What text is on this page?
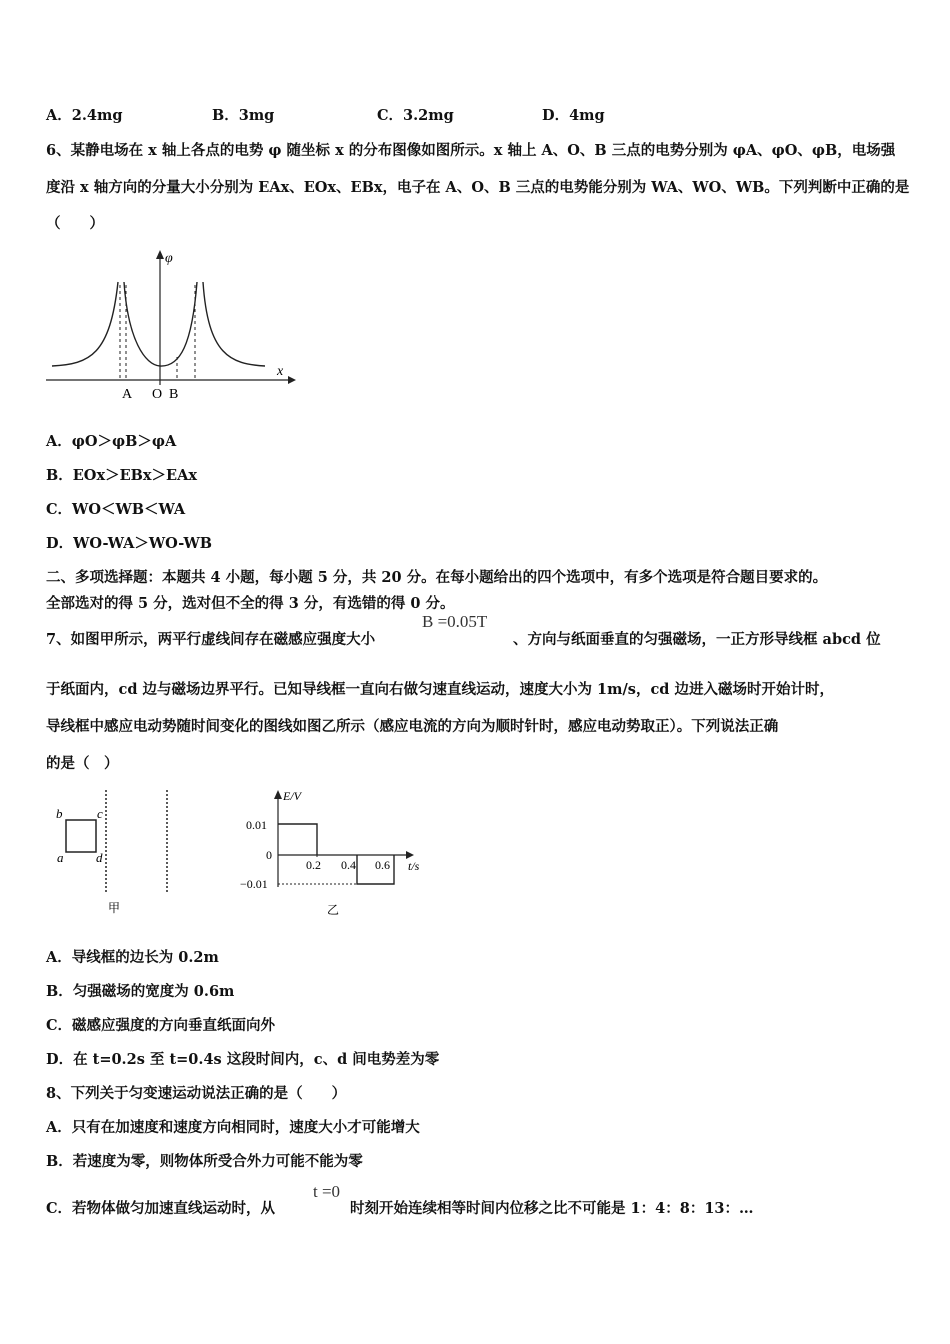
A．2.4mg	B．3mg	C．3.2mg	D．4mg
6、某静电场在 x 轴上各点的电势 φ 随坐标 x 的分布图像如图所示。x 轴上 A、O、B 三点的电势分别为 φA、φO、φB，电场强
度沿 x 轴方向的分量大小分别为 EAx、EOx、EBx，电子在 A、O、B 三点的电势能分别为 WA、WO、WB。下列判断中正确的是
（　　）
φ
x
A O B
A．φO＞φB＞φA
B．EOx＞EBx＞EAx
C．WO＜WB＜WA
D．WO-WA＞WO-WB
二、多项选择题：本题共 4 小题，每小题 5 分，共 20 分。在每小题给出的四个选项中，有多个选项是符合题目要求的。
全部选对的得 5 分，选对但不全的得 3 分，有选错的得 0 分。
7、如图甲所示，两平行虚线间存在磁感应强度大小
B =0.05T
、方向与纸面垂直的匀强磁场，一正方形导线框 abcd 位
于纸面内，cd 边与磁场边界平行。已知导线框一直向右做匀速直线运动，速度大小为 1m/s，cd 边进入磁场时开始计时，
导线框中感应电动势随时间变化的图线如图乙所示（感应电流的方向为顺时针时，感应电动势取正）。下列说法正确
的是（　）
b	c
a	d
甲
E/V
t/s
0.01
0
−0.01
0.2 0.4 0.6
乙
A．导线框的边长为 0.2m
B．匀强磁场的宽度为 0.6m
C．磁感应强度的方向垂直纸面向外
D．在 t=0.2s 至 t=0.4s 这段时间内，c、d 间电势差为零
8、下列关于匀变速运动说法正确的是（　　）
A．只有在加速度和速度方向相同时，速度大小才可能增大
B．若速度为零，则物体所受合外力可能不能为零
C．若物体做匀加速直线运动时，从
t =0
时刻开始连续相等时间内位移之比不可能是 1：4：8：13：…
